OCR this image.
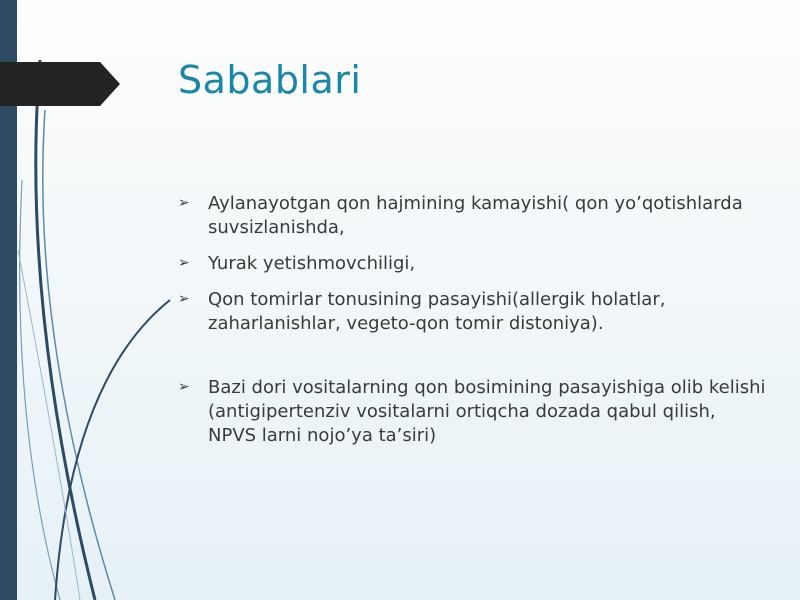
Sabablari
➢	Aylanayotgan qon hajmining kamayishi( qon yo’qotishlarda suvsizlanishda,
➢	Yurak yetishmovchiligi,
➢	Qon tomirlar tonusining pasayishi(allergik holatlar, zaharlanishlar, vegeto-qon tomir distoniya).
➢	Bazi dori vositalarning qon bosimining pasayishiga olib kelishi (antigipertenziv vositalarni ortiqcha dozada qabul qilish, NPVS larni nojo’ya ta’siri)
